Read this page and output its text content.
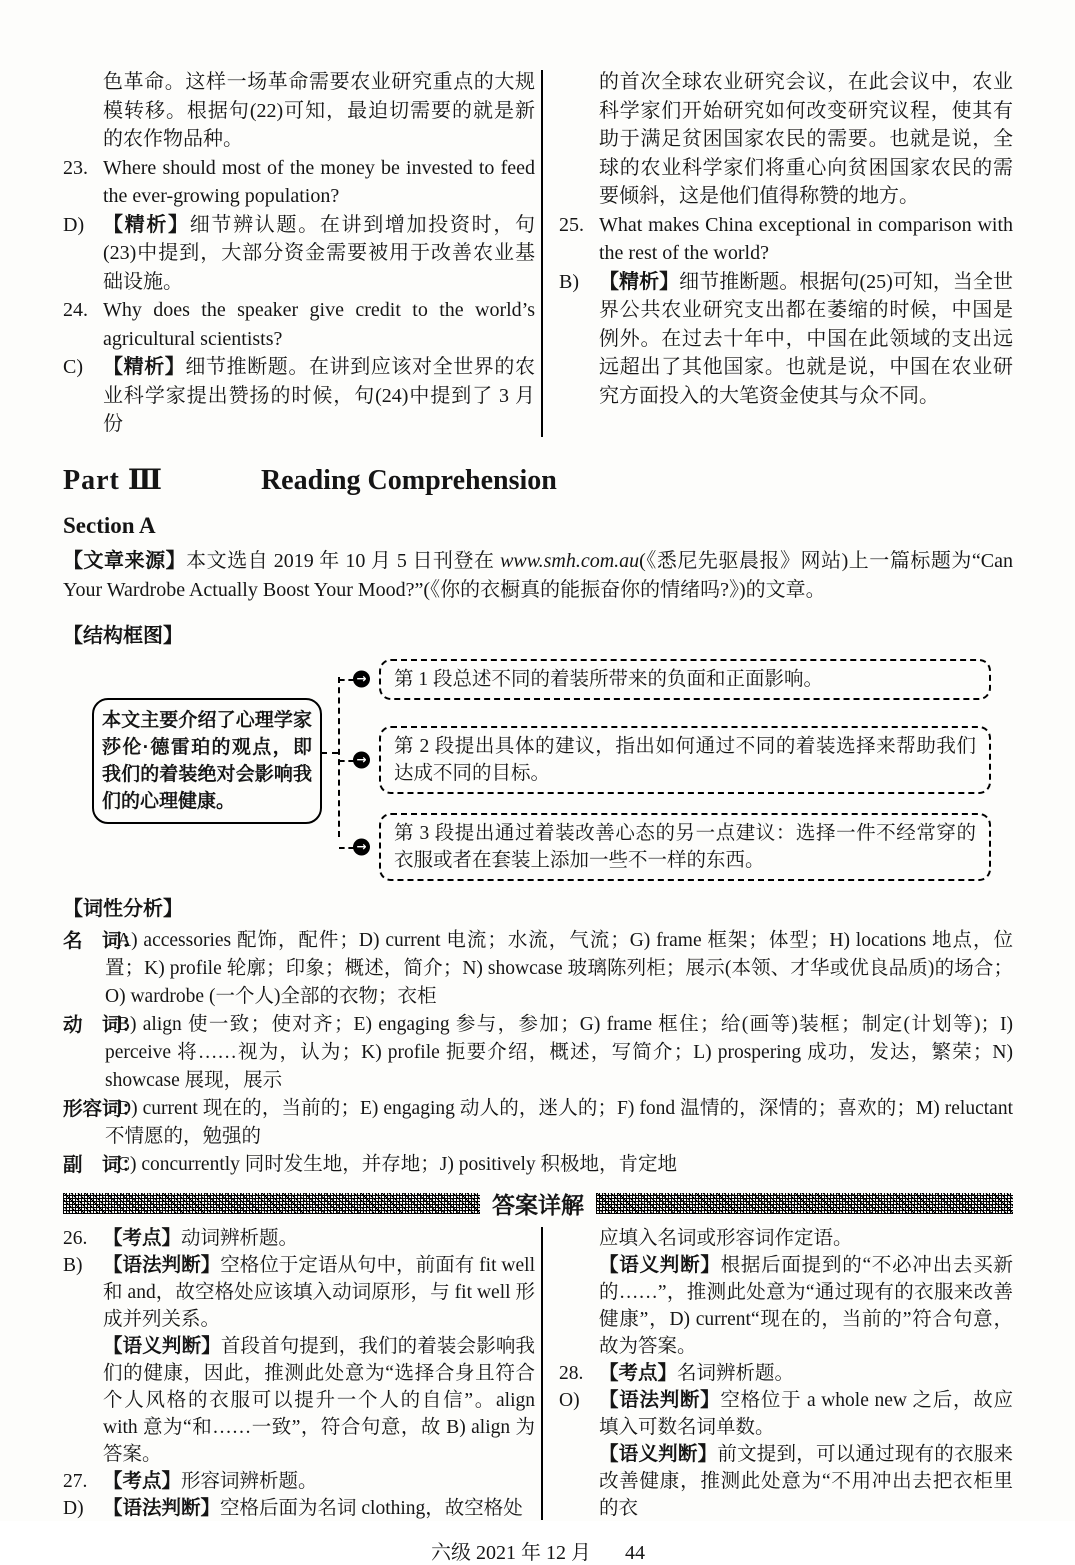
色革命。这样一场革命需要农业研究重点的大规模转移。根据句(22)可知，最迫切需要的就是新的农作物品种。

23. Where should most of the money be invested to feed the ever-growing population?

D) 【精析】细节辨认题。在讲到增加投资时，句(23)中提到，大部分资金需要被用于改善农业基础设施。

24. Why does the speaker give credit to the world’s agricultural scientists?

C) 【精析】细节推断题。在讲到应该对全世界的农业科学家提出赞扬的时候，句(24)中提到了 3 月份

的首次全球农业研究会议，在此会议中，农业科学家们开始研究如何改变研究议程，使其有助于满足贫困国家农民的需要。也就是说，全球的农业科学家们将重心向贫困国家农民的需要倾斜，这是他们值得称赞的地方。

25. What makes China exceptional in comparison with the rest of the world?

B) 【精析】细节推断题。根据句(25)可知，当全世界公共农业研究支出都在萎缩的时候，中国是例外。在过去十年中，中国在此领域的支出远远超出了其他国家。也就是说，中国在农业研究方面投入的大笔资金使其与众不同。

Part Ⅲ	Reading Comprehension
Section A

【文章来源】本文选自 2019 年 10 月 5 日刊登在 www.smh.com.au(《悉尼先驱晨报》网站)上一篇标题为“Can Your Wardrobe Actually Boost Your Mood?”(《你的衣橱真的能振奋你的情绪吗?》)的文章。

【结构框图】
本文主要介绍了心理学家莎伦·德雷珀的观点，即我们的着装绝对会影响我们的心理健康。
→ 第 1 段总述不同的着装所带来的负面和正面影响。
→
第 2 段提出具体的建议，指出如何通过不同的着装选择来帮助我们达成不同的目标。
→
第 3 段提出通过着装改善心态的另一点建议：选择一件不经常穿的衣服或者在套装上添加一些不一样的东西。
【词性分析】

名　词：
A) accessories 配饰，配件；D) current 电流；水流，气流；G) frame 框架；体型；H) locations 地点，位置；K) profile 轮廓；印象；概述，简介；N) showcase 玻璃陈列柜；展示(本领、才华或优良品质)的场合；O) wardrobe (一个人)全部的衣物；衣柜

动　词：
B) align 使一致；使对齐；E) engaging 参与，参加；G) frame 框住；给(画等)装框；制定(计划等)；I) perceive 将……视为，认为；K) profile 扼要介绍，概述，写简介；L) prospering 成功，发达，繁荣；N) showcase 展现，展示

形容词：
D) current 现在的，当前的；E) engaging 动人的，迷人的；F) fond 温情的，深情的；喜欢的；M) reluctant 不情愿的，勉强的

副　词：
C) concurrently 同时发生地，并存地；J) positively 积极地，肯定地

答案详解

26. 【考点】动词辨析题。

B) 【语法判断】空格位于定语从句中，前面有 fit well 和 and，故空格处应该填入动词原形，与 fit well 形成并列关系。

【语义判断】首段首句提到，我们的着装会影响我们的健康，因此，推测此处意为“选择合身且符合个人风格的衣服可以提升一个人的自信”。align with 意为“和……一致”，符合句意，故 B) align 为答案。

27. 【考点】形容词辨析题。

D) 【语法判断】空格后面为名词 clothing，故空格处

应填入名词或形容词作定语。

【语义判断】根据后面提到的“不必冲出去买新的……”，推测此处意为“通过现有的衣服来改善健康”，D) current“现在的，当前的”符合句意，故为答案。

28. 【考点】名词辨析题。

O) 【语法判断】空格位于 a whole new 之后，故应填入可数名词单数。

【语义判断】前文提到，可以通过现有的衣服来改善健康，推测此处意为“不用冲出去把衣柜里的衣

六级 2021 年 12 月 44
